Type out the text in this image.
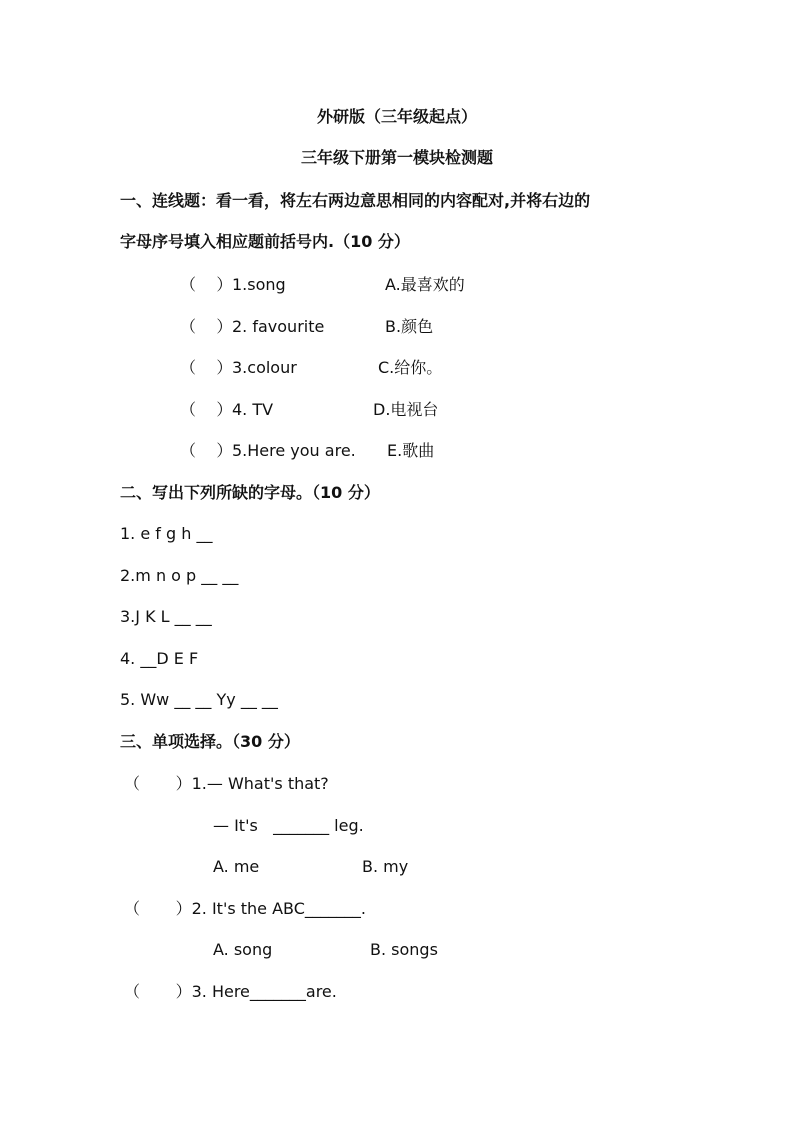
外研版（三年级起点）
三年级下册第一模块检测题
一、连线题：看一看，将左右两边意思相同的内容配对,并将右边的
字母序号填入相应题前括号内.（10 分）
（    ） 1.song	A.最喜欢的
（    ） 2. favourite	B.颜色
（    ） 3.colour	C.给你。
（    ） 4. TV	D.电视台
（    ） 5.Here you are. E.歌曲
二、写出下列所缺的字母。（10 分）
1. e f g h __
2.m n o p __ __
3.J K L __ __
4. __D E F
5. Ww __ __ Yy __ __
三、单项选择。（30 分）
（       ）1.— What's that?
— It's   _______ leg.
A. me	B. my
（       ）2. It's the ABC_______.
A. song	B. songs
（       ）3. Here_______are.
